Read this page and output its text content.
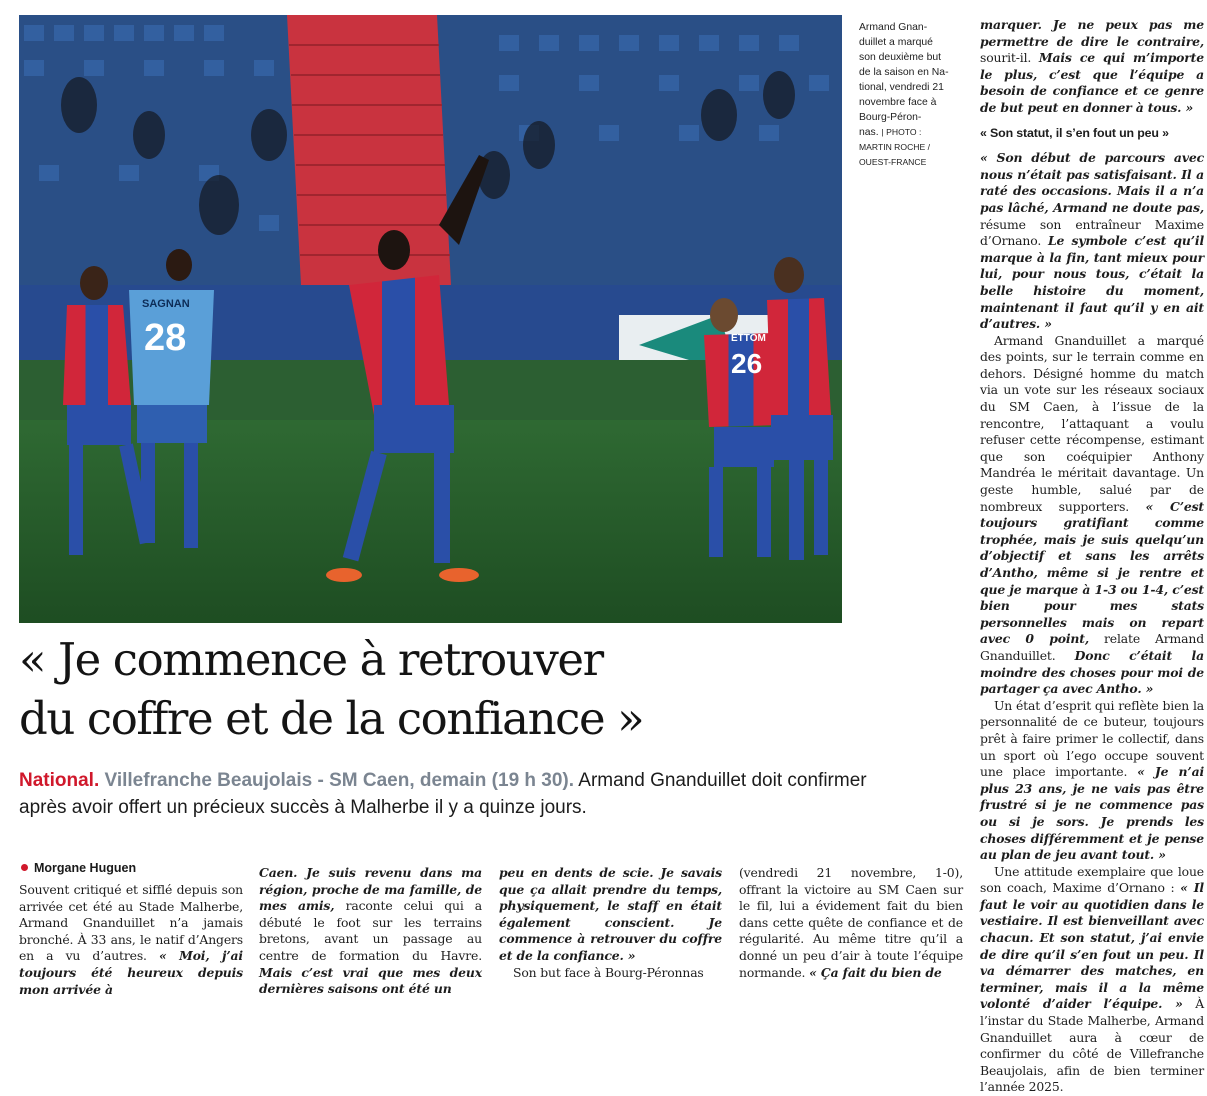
SAGNAN
28
26
ETTOM
Armand Gnan-
duillet a marqué
son deuxième but
de la saison en Na-
tional, vendredi 21
novembre face à
Bourg-Péron-
nas. | PHOTO :
MARTIN ROCHE /
OUEST-FRANCE
« Je commence à retrouver
du coffre et de la confiance »
National. Villefranche Beaujolais - SM Caen, demain (19 h 30). Armand Gnanduillet doit confirmer après avoir offert un précieux succès à Malherbe il y a quinze jours.
Morgane Huguen

Souvent critiqué et sifflé depuis son arrivée cet été au Stade Malherbe, Armand Gnanduillet n’a jamais bronché. À 33 ans, le natif d’Angers en a vu d’autres. « Moi, j’ai toujours été heureux depuis mon arrivée à

Caen. Je suis revenu dans ma région, proche de ma famille, de mes amis, raconte celui qui a débuté le foot sur les terrains bretons, avant un passage au centre de formation du Havre. Mais c’est vrai que mes deux dernières saisons ont été un

peu en dents de scie. Je savais que ça allait prendre du temps, physiquement, le staff en était également conscient. Je commence à retrouver du coffre et de la confiance. »

Son but face à Bourg-Péronnas

(vendredi 21 novembre, 1-0), offrant la victoire au SM Caen sur le fil, lui a évidement fait du bien dans cette quête de confiance et de régularité. Au même titre qu’il a donné un peu d’air à toute l’équipe normande. « Ça fait du bien de

marquer. Je ne peux pas me permettre de dire le contraire, sourit-il. Mais ce qui m’importe le plus, c’est que l’équipe a besoin de confiance et ce genre de but peut en donner à tous. »

« Son statut, il s’en fout un peu »

« Son début de parcours avec nous n’était pas satisfaisant. Il a raté des occasions. Mais il a n’a pas lâché, Armand ne doute pas, résume son entraîneur Maxime d’Ornano. Le symbole c’est qu’il marque à la fin, tant mieux pour lui, pour nous tous, c’était la belle histoire du moment, maintenant il faut qu’il y en ait d’autres. »

Armand Gnanduillet a marqué des points, sur le terrain comme en dehors. Désigné homme du match via un vote sur les réseaux sociaux du SM Caen, à l’issue de la rencontre, l’attaquant a voulu refuser cette récompense, estimant que son coéquipier Anthony Mandréa le méritait davantage. Un geste humble, salué par de nombreux supporters. « C’est toujours gratifiant comme trophée, mais je suis quelqu’un d’objectif et sans les arrêts d’Antho, même si je rentre et que je marque à 1-3 ou 1-4, c’est bien pour mes stats personnelles mais on repart avec 0 point, relate Armand Gnanduillet. Donc c’était la moindre des choses pour moi de partager ça avec Antho. »

Un état d’esprit qui reflète bien la personnalité de ce buteur, toujours prêt à faire primer le collectif, dans un sport où l’ego occupe souvent une place importante. « Je n’ai plus 23 ans, je ne vais pas être frustré si je ne commence pas ou si je sors. Je prends les choses différemment et je pense au plan de jeu avant tout. »

Une attitude exemplaire que loue son coach, Maxime d’Ornano : « Il faut le voir au quotidien dans le vestiaire. Il est bienveillant avec chacun. Et son statut, j’ai envie de dire qu’il s’en fout un peu. Il va démarrer des matches, en terminer, mais il a la même volonté d’aider l’équipe. » À l’instar du Stade Malherbe, Armand Gnanduillet aura à cœur de confirmer du côté de Villefranche Beaujolais, afin de bien terminer l’année 2025.
